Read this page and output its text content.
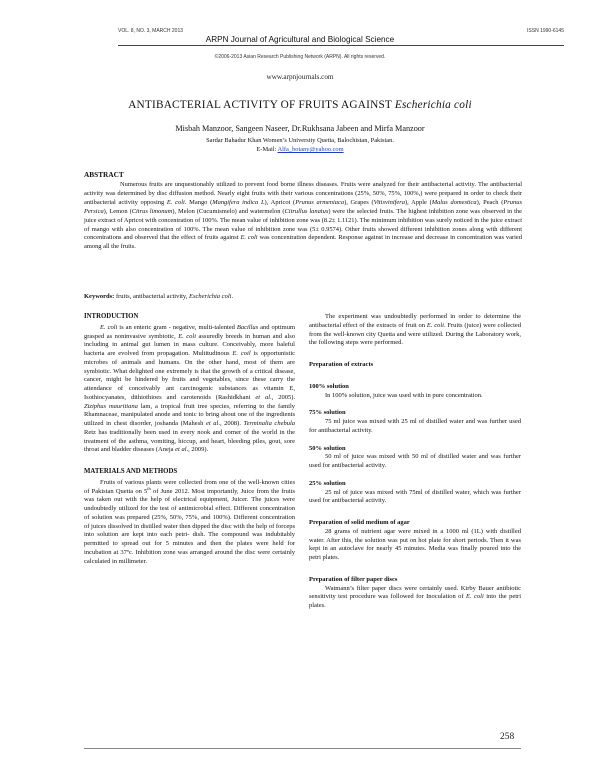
VOL. 8, NO. 3, MARCH 2013	ISSN 1990-6145
ARPN Journal of Agricultural and Biological Science
©2006-2013 Asian Research Publishing Network (ARPN). All rights reserved.
www.arpnjournals.com
ANTIBACTERIAL ACTIVITY OF FRUITS AGAINST Escherichia coli
Misbah Manzoor, Sangeen Naseer, Dr.Rukhsana Jabeen and Mirfa Manzoor
Sardar Bahadur Khan Women’s University Quetta, Balochistan, Pakistan.
E-Mail: Alfa_botany@yahoo.com
ABSTRACT

Numerous fruits are unquestionably utilized to prevent food borne illness diseases. Fruits were analyzed for their antibacterial activity. The antibacterial activity was determined by disc diffusion method. Nearly eight fruits with their various concentrations (25%, 50%, 75%, 100%,) were prepared in order to check their antibacterial activity opposing E. coli. Mango (Mangifera indica L), Apricot (Prunus armeniaca), Grapes (Vitisvinifera), Apple (Malus domestica), Peach (Prunus Persica), Lemon (Citrus limonum), Melon (Cucumismelo) and watermelon (Citrullus lanatus) were the selected fruits. The highest inhibition zone was observed in the juice extract of Apricot with concentration of 100%. The mean value of inhibition zone was (8.2± 1.1121). The minimum inhibition was surely noticed in the juice extract of mango with also concentration of 100%. The mean value of inhibition zone was (5± 0.9574). Other fruits showed different inhibition zones along with different concentrations and observed that the effect of fruits against E. coli was concentration dependent. Response against in increase and decrease in concentration was varied among all the fruits.

Keywords: fruits, antibacterial activity, Escherichia coli.
INTRODUCTION

E. coli is an enteric gram - negative, multi-talented Bacillus and optimum grasped as noninvasive symbiotic, E. coli assuredly breeds in human and also including in animal gut lumen in mass culture. Conceivably, more baleful bacteria are evolved from propagation. Multitudinous E. coil is opportunistic microbes of animals and humans. On the other hand, most of them are symbiotic. What delighted one extremely is that the growth of a critical disease, cancer, might be hindered by fruits and vegetables, since these carry the attendance of conceivably ant carcinogenic substances as vitamin E, Isothiocyanates, dithiothioes and carotenoids (Rashidkhani et al., 2005). Ziziphus mauritiana lam, a tropical fruit tree species, referring to the family Rhamnaceae, manipulated anode and tonic to bring about one of the ingredients utilized in chest disorder, joshanda (Mahesh et al., 2008). Terminalia chebula Retz has traditionally been used in every nook and corner of the world in the treatment of the asthma, vomiting, hiccup, and heart, bleeding piles, gout, sore throat and bladder diseases (Aneja et al., 2009).

MATERIALS AND METHODS

Fruits of various plants were collected from one of the well-known cities of Pakistan Quetta on 5th of June 2012. Most importantly, Juice from the fruits was taken out with the help of electrical equipment, Juicer. The juices were undoubtedly utilized for the test of antimicrobial effect. Different concentration of solution was prepared (25%, 50%, 75%, and 100%). Different concentration of juices dissolved in distilled water then dipped the disc with the help of forceps into solution are kept into each petri- dish. The compound was indubitably permitted to spread out for 5 minutes and then the plates were held for incubation at 37ºc. Inhibition zone was arranged around the disc were certainly calculated in millimeter.

The experiment was undoubtedly performed in order to determine the antibacterial effect of the extracts of fruit on E. coli. Fruits (juice) were collected from the well-known city Quetta and were utilized. During the Laboratory work, the following steps were performed.

Preparation of extracts
100% solution

In 100% solution, juice was used with in pure concentration.

75% solution

75 ml juice was mixed with 25 ml of distilled water and was further used for antibacterial activity.

50% solution

50 ml of juice was mixed with 50 ml of distilled water and was further used for antibacterial activity.

25% solution

25 ml of juice was mixed with 75ml of distilled water, which was further used for antibacterial activity.

Preparation of solid medium of agar

28 grams of nutrient agar were mixed in a 1000 ml (1L) with distilled water. After this, the solution was put on hot plate for short periods. Then it was kept in an autoclave for nearly 45 minutes. Media was finally poured into the petri plates.

Preparation of filter paper discs

Watmann’s filter paper discs were certainly used. Kirby Bauer antibiotic sensitivity test procedure was followed for Inoculation of E. coli into the petri plates.

258
